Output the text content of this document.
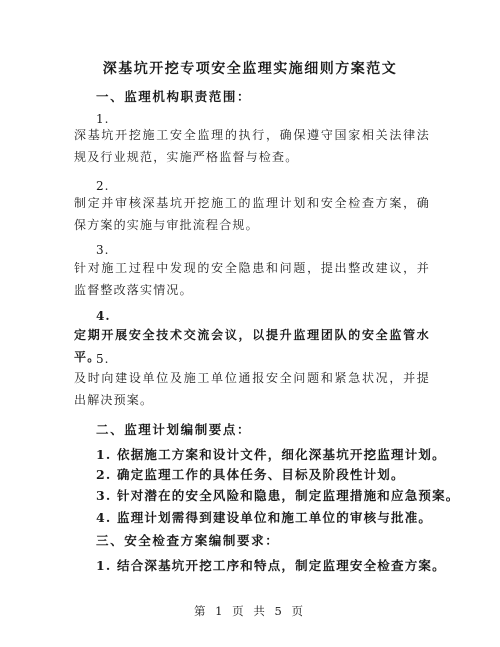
深基坑开挖专项安全监理实施细则方案范文
一、监理机构职责范围：
1.
深基坑开挖施工安全监理的执行，确保遵守国家相关法律法规及行业规范，实施严格监督与检查。
2.
制定并审核深基坑开挖施工的监理计划和安全检查方案，确保方案的实施与审批流程合规。
3.
针对施工过程中发现的安全隐患和问题，提出整改建议，并监督整改落实情况。
4.
定期开展安全技术交流会议，以提升监理团队的安全监管水平。
5.
及时向建设单位及施工单位通报安全问题和紧急状况，并提出解决预案。
二、监理计划编制要点：
1. 依据施工方案和设计文件，细化深基坑开挖监理计划。
2. 确定监理工作的具体任务、目标及阶段性计划。
3. 针对潜在的安全风险和隐患，制定监理措施和应急预案。
4. 监理计划需得到建设单位和施工单位的审核与批准。
三、安全检查方案编制要求：
1. 结合深基坑开挖工序和特点，制定监理安全检查方案。
第 1 页 共 5 页
